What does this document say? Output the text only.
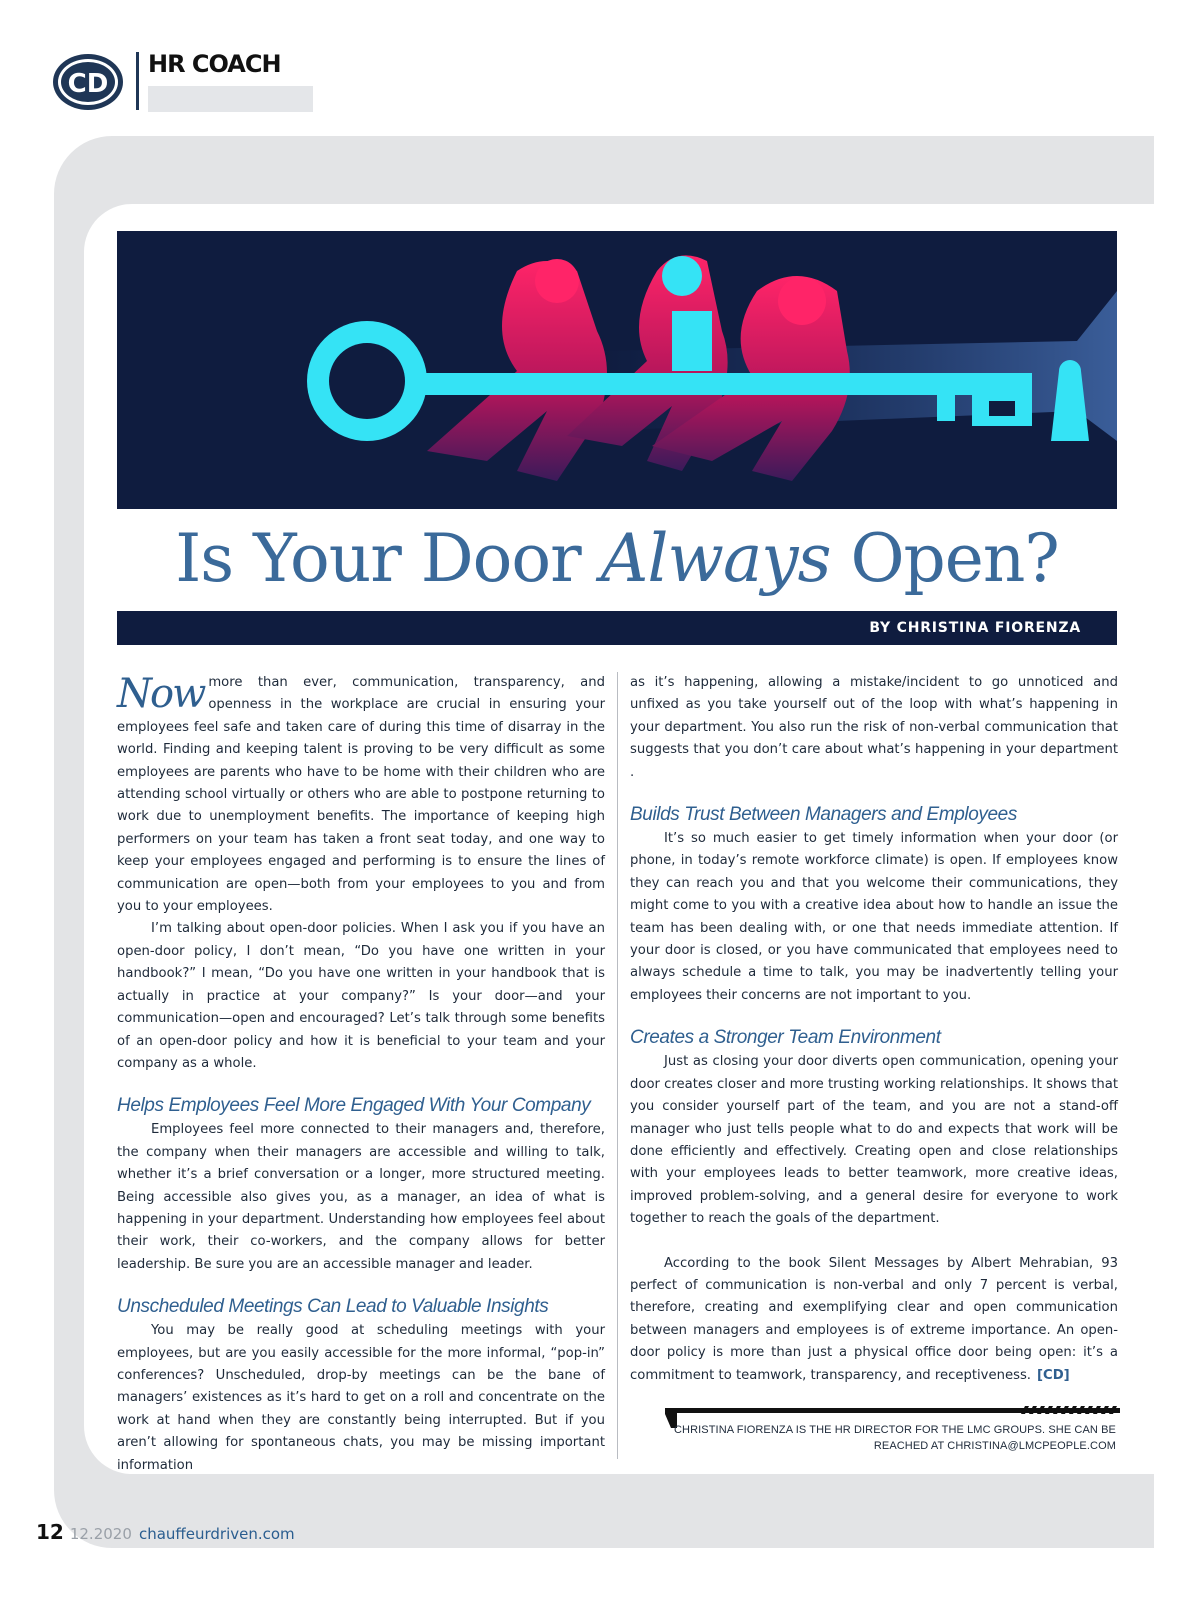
CD
HR COACH
Is Your Door Always Open?
BY CHRISTINA FIORENZA

Now more than ever, communication, transparency, and openness in the workplace are crucial in ensuring your employees feel safe and taken care of during this time of disarray in the world. Finding and keeping talent is proving to be very difficult as some employees are parents who have to be home with their children who are attending school virtually or others who are able to postpone returning to work due to unemployment benefits. The importance of keeping high performers on your team has taken a front seat today, and one way to keep your employees engaged and performing is to ensure the lines of communication are open—both from your employees to you and from you to your employees.

I’m talking about open-door policies. When I ask you if you have an open-door policy, I don’t mean, “Do you have one written in your handbook?” I mean, “Do you have one written in your handbook that is actually in practice at your company?” Is your door—and your communication—open and encouraged? Let’s talk through some benefits of an open-door policy and how it is beneficial to your team and your company as a whole.

Helps Employees Feel More Engaged With Your Company

Employees feel more connected to their managers and, therefore, the company when their managers are accessible and willing to talk, whether it’s a brief conversation or a longer, more structured meeting. Being accessible also gives you, as a manager, an idea of what is happening in your department. Understanding how employees feel about their work, their co-workers, and the company allows for better leadership. Be sure you are an accessible manager and leader.

Unscheduled Meetings Can Lead to Valuable Insights

You may be really good at scheduling meetings with your employees, but are you easily accessible for the more informal, “pop-in” conferences? Unscheduled, drop-by meetings can be the bane of managers’ existences as it’s hard to get on a roll and concentrate on the work at hand when they are constantly being interrupted. But if you aren’t allowing for spontaneous chats, you may be missing important information

as it’s happening, allowing a mistake/incident to go unnoticed and unfixed as you take yourself out of the loop with what’s happening in your department. You also run the risk of non-verbal communication that suggests that you don’t care about what’s happening in your department .

Builds Trust Between Managers and Employees

It’s so much easier to get timely information when your door (or phone, in today’s remote workforce climate) is open. If employees know they can reach you and that you welcome their communications, they might come to you with a creative idea about how to handle an issue the team has been dealing with, or one that needs immediate attention. If your door is closed, or you have communicated that employees need to always schedule a time to talk, you may be inadvertently telling your employees their concerns are not important to you.

Creates a Stronger Team Environment

Just as closing your door diverts open communication, opening your door creates closer and more trusting working relationships. It shows that you consider yourself part of the team, and you are not a stand-off manager who just tells people what to do and expects that work will be done efficiently and effectively. Creating open and close relationships with your employees leads to better teamwork, more creative ideas, improved problem-solving, and a general desire for everyone to work together to reach the goals of the department.

According to the book Silent Messages by Albert Mehrabian, 93 perfect of communication is non-verbal and only 7 percent is verbal, therefore, creating and exemplifying clear and open communication between managers and employees is of extreme importance. An open-door policy is more than just a physical office door being open: it’s a commitment to teamwork, transparency, and receptiveness. [CD]

CHRISTINA FIORENZA IS THE HR DIRECTOR FOR THE LMC GROUPS. SHE CAN BE
REACHED AT CHRISTINA@LMCPEOPLE.COM
12 12.2020 chauffeurdriven.com
